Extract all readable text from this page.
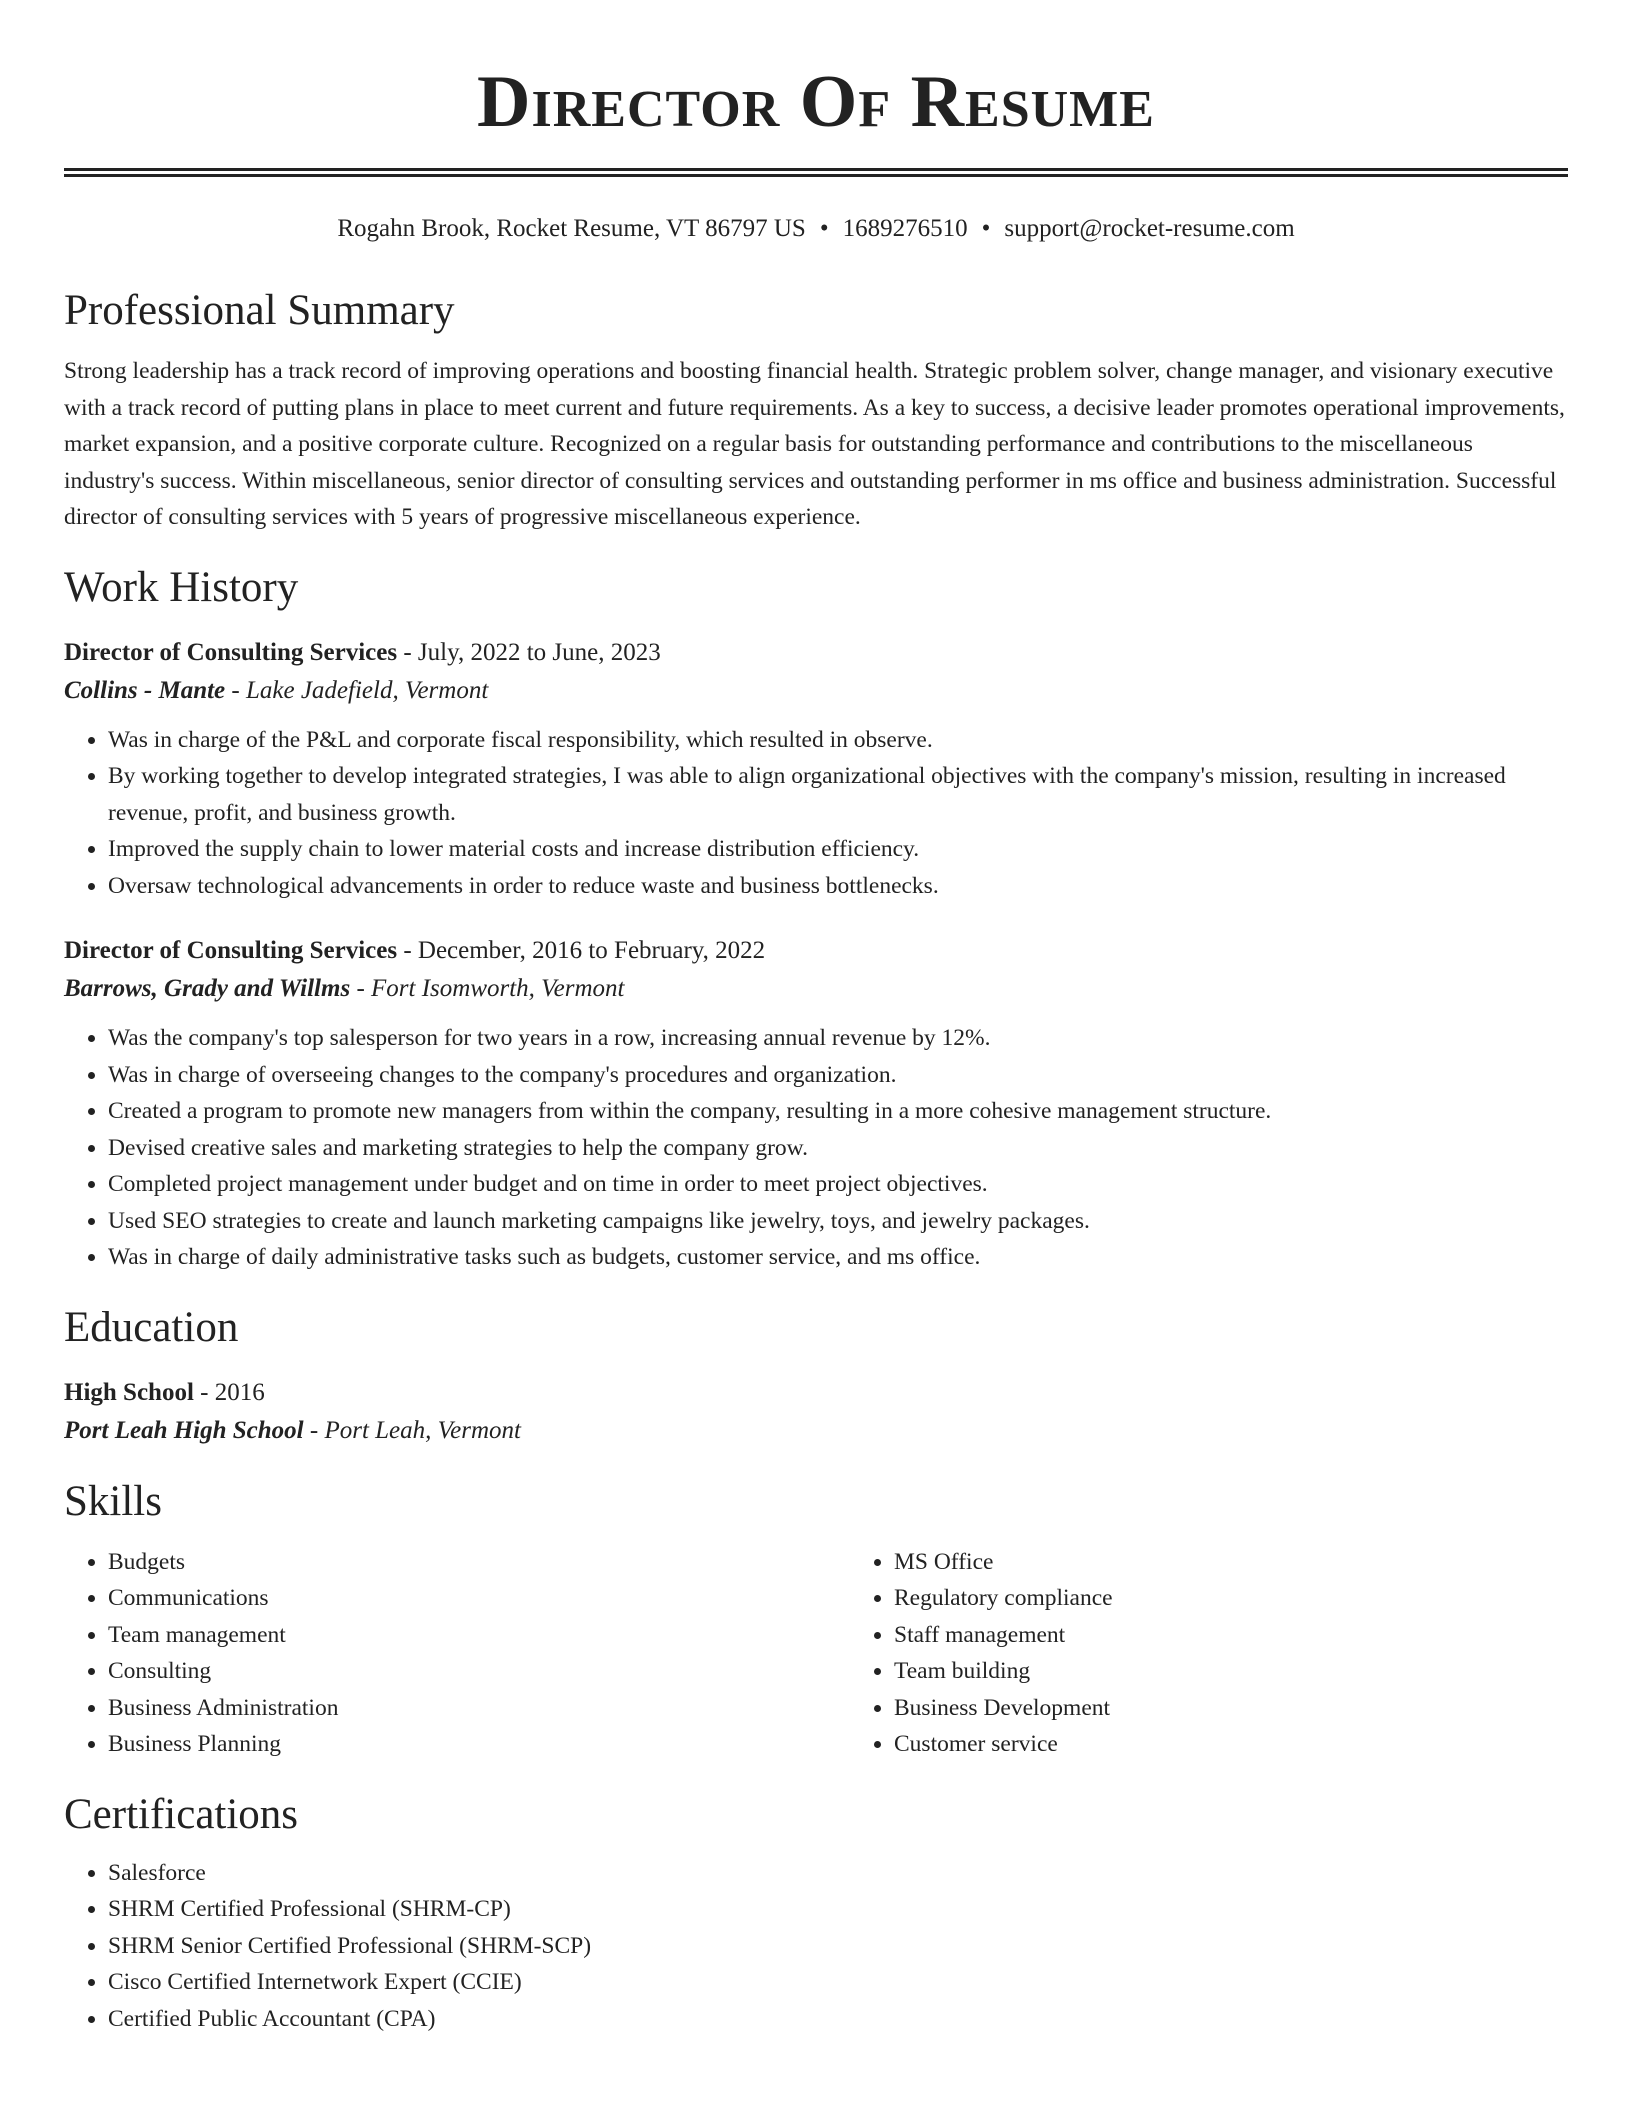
Director Of Resume
Rogahn Brook, Rocket Resume, VT 86797 US • 1689276510 • support@rocket-resume.com
Professional Summary

Strong leadership has a track record of improving operations and boosting financial health. Strategic problem solver, change manager, and visionary executive with a track record of putting plans in place to meet current and future requirements. As a key to success, a decisive leader promotes operational improvements, market expansion, and a positive corporate culture. Recognized on a regular basis for outstanding performance and contributions to the miscellaneous industry's success. Within miscellaneous, senior director of consulting services and outstanding performer in ms office and business administration. Successful director of consulting services with 5 years of progressive miscellaneous experience.

Work History
Director of Consulting Services - July, 2022 to June, 2023
Collins - Mante - Lake Jadefield, Vermont
• Was in charge of the P&L and corporate fiscal responsibility, which resulted in observe.
• By working together to develop integrated strategies, I was able to align organizational objectives with the company's mission, resulting in increased revenue, profit, and business growth.
• Improved the supply chain to lower material costs and increase distribution efficiency.
• Oversaw technological advancements in order to reduce waste and business bottlenecks.
Director of Consulting Services - December, 2016 to February, 2022
Barrows, Grady and Willms - Fort Isomworth, Vermont
• Was the company's top salesperson for two years in a row, increasing annual revenue by 12%.
• Was in charge of overseeing changes to the company's procedures and organization.
• Created a program to promote new managers from within the company, resulting in a more cohesive management structure.
• Devised creative sales and marketing strategies to help the company grow.
• Completed project management under budget and on time in order to meet project objectives.
• Used SEO strategies to create and launch marketing campaigns like jewelry, toys, and jewelry packages.
• Was in charge of daily administrative tasks such as budgets, customer service, and ms office.
Education
High School - 2016
Port Leah High School - Port Leah, Vermont
Skills
• Budgets
• Communications
• Team management
• Consulting
• Business Administration
• Business Planning
• MS Office
• Regulatory compliance
• Staff management
• Team building
• Business Development
• Customer service
Certifications
• Salesforce
• SHRM Certified Professional (SHRM-CP)
• SHRM Senior Certified Professional (SHRM-SCP)
• Cisco Certified Internetwork Expert (CCIE)
• Certified Public Accountant (CPA)
